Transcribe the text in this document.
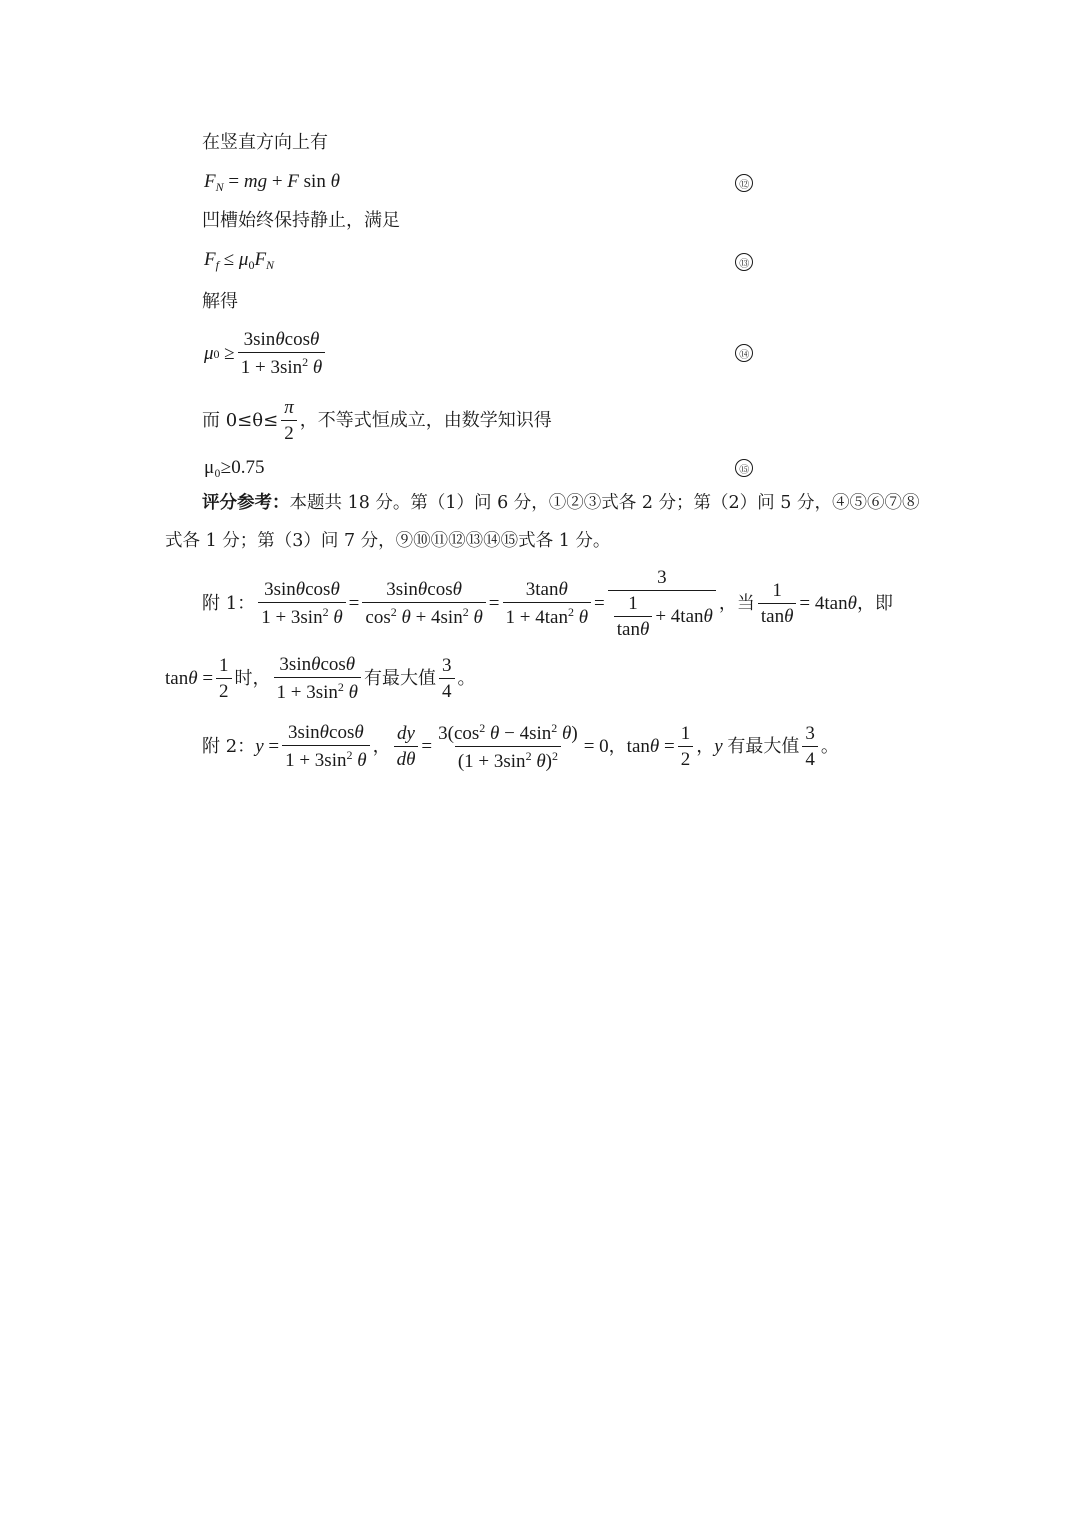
在竖直方向上有
$F_N$ = mg + F sin θ	⑫
凹槽始终保持静止，满足
$F_f \le \mu_0F_N$	⑬
解得
μ $0 \ge \frac{3\sin\theta\cos\theta}{1 + 3\sin^2 \theta}$	⑭
而 $0\le\theta\le \frac{\pi}{2}$ ，不等式恒成立，由数学知识得
μ₀≥0.75	⑮
评分参考：本题共 18 分。第（1）问 6 分，①②③式各 2 分；第（2）问 5 分，④⑤⑥⑦⑧
式各 1 分；第（3）问 7 分，⑨⑩⑪⑫⑬⑭⑮式各 1 分。
附 1： $\frac{3\sin\theta\cos\theta}{1 + 3\sin^2 \theta} = \frac{3\sin\theta\cos\theta}{\cos^2 \theta + 4\sin^2 \theta} = \frac{3\tan\theta}{1 + 4\tan^2 \theta} = \frac{3}{\frac{1}{\tan\theta} + 4\tan \theta}$ ，当 $\frac{1}{\tan\theta} = 4\tan$ θ ，即
$\tan \theta = \frac{1}{2}$ 时， $\frac{3\sin\theta\cos\theta}{1 + 3\sin^2 \theta}$ 有最大值 $\frac{3}{4}$ 。
附 2： $y = \frac{3\sin\theta\cos\theta}{1 + 3\sin^2 \theta}$ ， $\frac{dy}{d\theta} = \frac{3(\cos^2 \theta - 4\sin^2 \theta)}{(1 + 3\sin^2 \theta)^2} = 0$ ， $\tan \theta = \frac{1}{2}$ ， y
有最大值 $\frac{3}{4}$ 。
